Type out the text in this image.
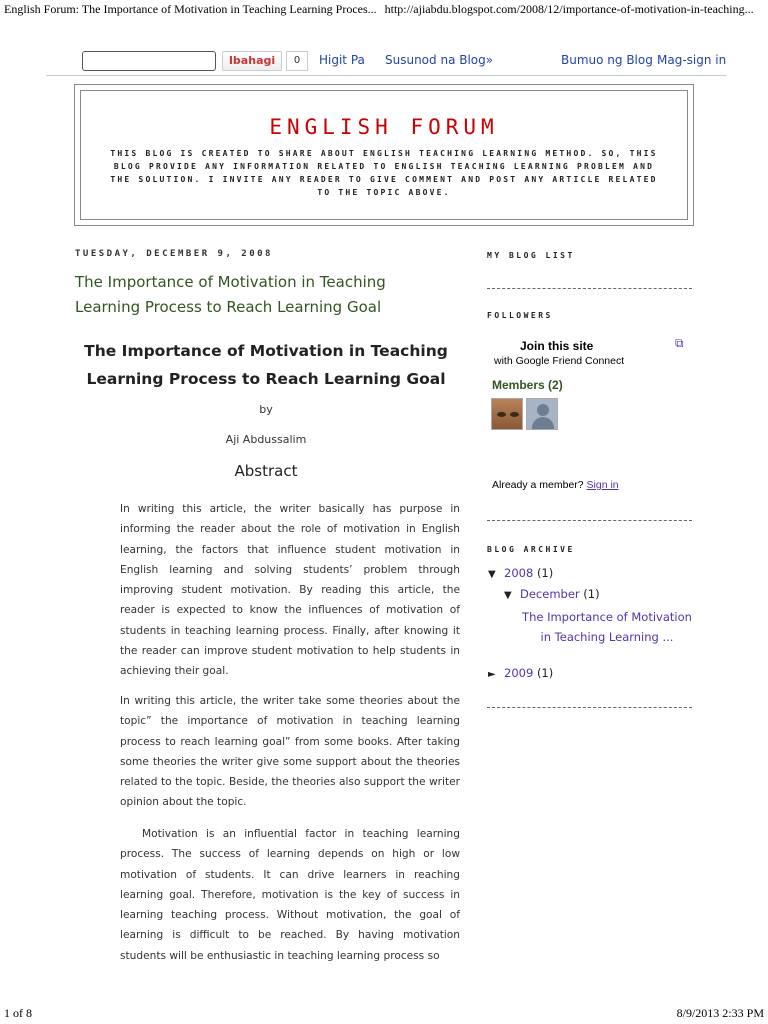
English Forum: The Importance of Motivation in Teaching Learning Proces... http://ajiabdu.blogspot.com/2008/12/importance-of-motivation-in-teaching...
Ibahagi	0	Higit Pa Susunod na Blog»	Bumuo ng Blog Mag-sign in
ENGLISH FORUM
THIS BLOG IS CREATED TO SHARE ABOUT ENGLISH TEACHING LEARNING METHOD. SO, THIS BLOG PROVIDE ANY INFORMATION RELATED TO ENGLISH TEACHING LEARNING PROBLEM AND THE SOLUTION. I INVITE ANY READER TO GIVE COMMENT AND POST ANY ARTICLE RELATED TO THE TOPIC ABOVE.
TUESDAY, DECEMBER 9, 2008
The Importance of Motivation in Teaching Learning Process to Reach Learning Goal
The Importance of Motivation in Teaching Learning Process to Reach Learning Goal
by
Aji Abdussalim
Abstract
In writing this article, the writer basically has purpose in informing the reader about the role of motivation in English learning, the factors that influence student motivation in English learning and solving students’ problem through improving student motivation. By reading this article, the reader is expected to know the influences of motivation of students in teaching learning process. Finally, after knowing it the reader can improve student motivation to help students in achieving their goal.
In writing this article, the writer take some theories about the topic” the importance of motivation in teaching learning process to reach learning goal” from some books. After taking some theories the writer give some support about the theories related to the topic. Beside, the theories also support the writer opinion about the topic.
Motivation is an influential factor in teaching learning process. The success of learning depends on high or low motivation of students. It can drive learners in reaching learning goal. Therefore, motivation is the key of success in learning teaching process. Without motivation, the goal of learning is difficult to be reached. By having motivation students will be enthusiastic in teaching learning process so
MY BLOG LIST
FOLLOWERS
Join this site
with Google Friend Connect
⧉
Members (2)
Already a member? Sign in
BLOG ARCHIVE
▼ 2008 (1)
▼ December (1)
The Importance of Motivation in Teaching Learning ...
► 2009 (1)
1 of 8	8/9/2013 2:33 PM
